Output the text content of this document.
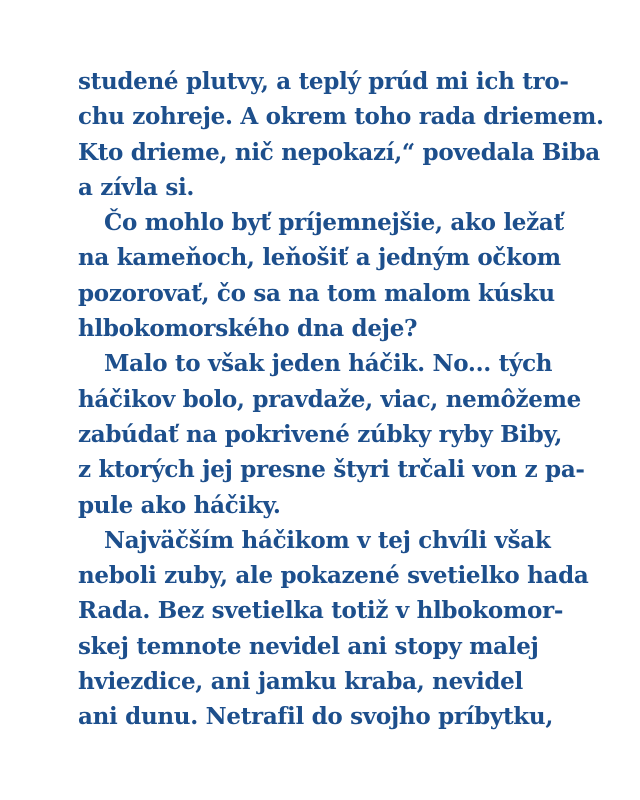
studené plutvy, a teplý prúd mi ich tro-
chu zohreje. A okrem toho rada driemem.
Kto drieme, nič nepokazí,“ povedala Biba
a zívla si.
Čo mohlo byť príjemnejšie, ako ležať
na kameňoch, leňošiť a jedným očkom
pozorovať, čo sa na tom malom kúsku
hlbokomorského dna deje?
Malo to však jeden háčik. No... tých
háčikov bolo, pravdaže, viac, nemôžeme
zabúdať na pokrivené zúbky ryby Biby,
z ktorých jej presne štyri trčali von z pa-
pule ako háčiky.
Najväčším háčikom v tej chvíli však
neboli zuby, ale pokazené svetielko hada
Rada. Bez svetielka totiž v hlbokomor-
skej temnote nevidel ani stopy malej
hviezdice, ani jamku kraba, nevidel
ani dunu. Netrafil do svojho príbytku,
